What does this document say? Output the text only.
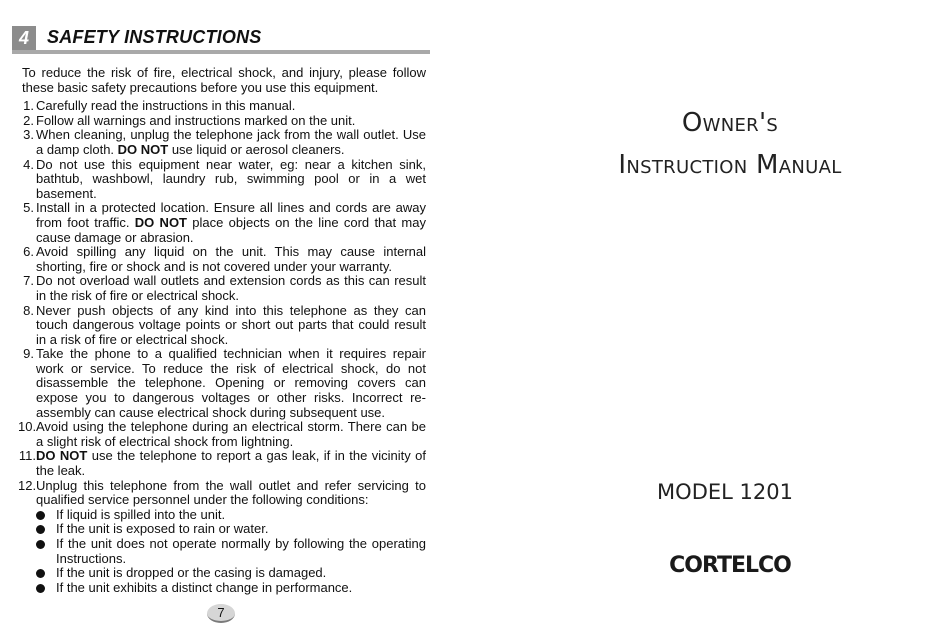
4	SAFETY INSTRUCTIONS

To reduce the risk of fire, electrical shock, and injury, please follow these basic safety precautions before you use this equipment.

1. Carefully read the instructions in this manual.
2. Follow all warnings and instructions marked on the unit.
3. When cleaning, unplug the telephone jack from the wall outlet. Use a damp cloth. DO NOT use liquid or aerosol cleaners.
4. Do not use this equipment near water, eg: near a kitchen sink, bathtub, washbowl, laundry rub, swimming pool or in a wet basement.
5. Install in a protected location. Ensure all lines and cords are away from foot traffic. DO NOT place objects on the line cord that may cause damage or abrasion.
6. Avoid spilling any liquid on the unit. This may cause internal shorting, fire or shock and is not covered under your warranty.
7. Do not overload wall outlets and extension cords as this can result in the risk of fire or electrical shock.
8. Never push objects of any kind into this telephone as they can touch dangerous voltage points or short out parts that could result in a risk of fire or electrical shock.
9. Take the phone to a qualified technician when it requires repair work or service. To reduce the risk of electrical shock, do not disassemble the telephone. Opening or removing covers can expose you to dangerous voltages or other risks. Incorrect re-assembly can cause electrical shock during subsequent use.
10. Avoid using the telephone during an electrical storm. There can be a slight risk of electrical shock from lightning.
11. DO NOT use the telephone to report a gas leak, if in the vicinity of the leak.
12. Unplug this telephone from the wall outlet and refer servicing to qualified service personnel under the following conditions:
If liquid is spilled into the unit.
If the unit is exposed to rain or water.
If the unit does not operate normally by following the operating Instructions.
If the unit is dropped or the casing is damaged.
If the unit exhibits a distinct change in performance.
7
Owner's
Instruction Manual
MODEL 1201
CORTELCO
